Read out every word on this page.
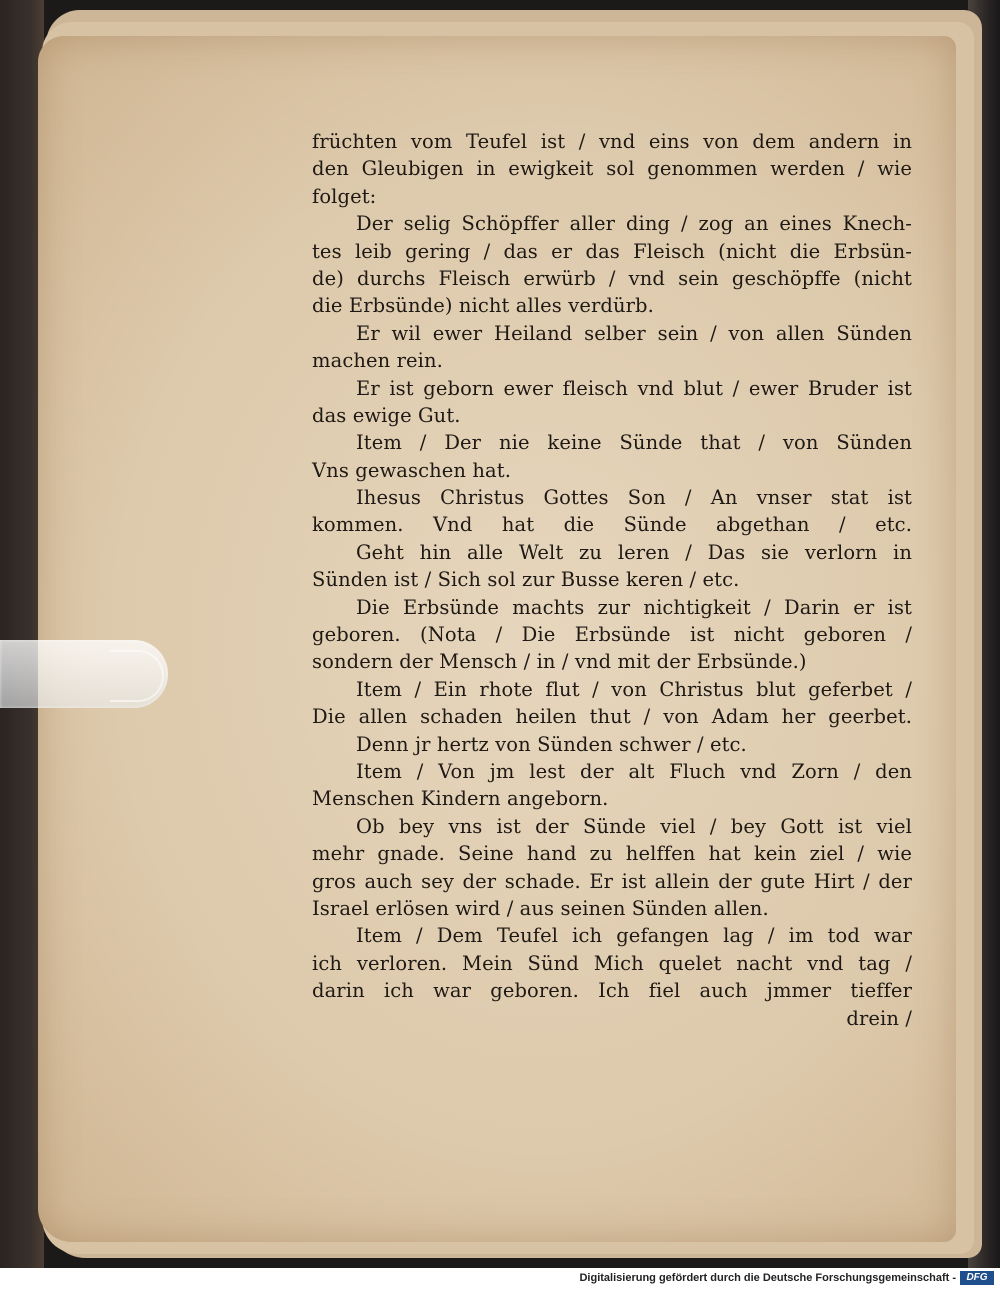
früchten vom Teufel ist / vnd eins von dem andern in
den Gleubigen in ewigkeit sol genommen werden / wie
folget:
Der selig Schöpffer aller ding / zog an eines Knech-
tes leib gering / das er das Fleisch (nicht die Erbsün-
de) durchs Fleisch erwürb / vnd sein geschöpffe (nicht
die Erbsünde) nicht alles verdürb.
Er wil ewer Heiland selber sein / von allen Sünden
machen rein.
Er ist geborn ewer fleisch vnd blut / ewer Bruder ist
das ewige Gut.
Item / Der nie keine Sünde that / von Sünden
Vns gewaschen hat.
Ihesus Christus Gottes Son / An vnser stat ist
kommen. Vnd hat die Sünde abgethan / etc.
Geht hin alle Welt zu leren / Das sie verlorn in
Sünden ist / Sich sol zur Busse keren / etc.
Die Erbsünde machts zur nichtigkeit / Darin er ist
geboren. (Nota / Die Erbsünde ist nicht geboren /
sondern der Mensch / in / vnd mit der Erbsünde.)
Item / Ein rhote flut / von Christus blut geferbet /
Die allen schaden heilen thut / von Adam her geerbet.
Denn jr hertz von Sünden schwer / etc.
Item / Von jm lest der alt Fluch vnd Zorn / den
Menschen Kindern angeborn.
Ob bey vns ist der Sünde viel / bey Gott ist viel
mehr gnade. Seine hand zu helffen hat kein ziel / wie
gros auch sey der schade. Er ist allein der gute Hirt / der
Israel erlösen wird / aus seinen Sünden allen.
Item / Dem Teufel ich gefangen lag / im tod war
ich verloren. Mein Sünd Mich quelet nacht vnd tag /
darin ich war geboren. Ich fiel auch jmmer tieffer
drein /
Digitalisierung gefördert durch die Deutsche Forschungsgemeinschaft -	DFG
